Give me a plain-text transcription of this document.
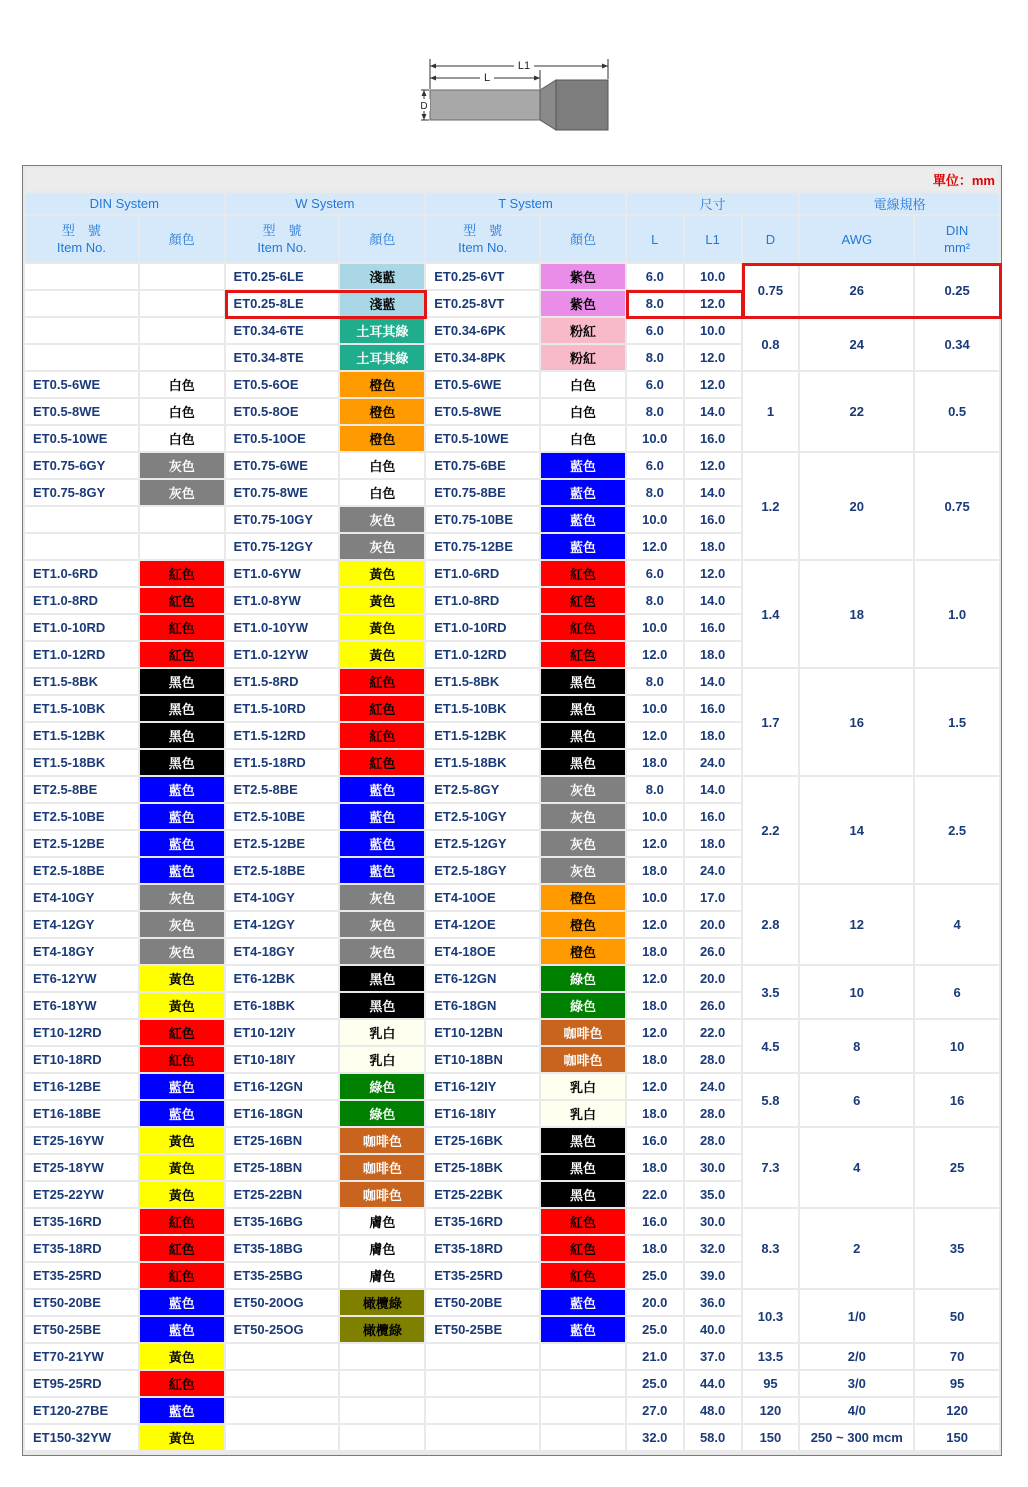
L1
L
D
單位：mm										
DIN System		W System		T System		尺寸			電線規格	
型　號
Item No.	顏色	型　號
Item No.	顏色	型　號
Item No.	顏色	L	L1	D	AWG	DIN
mm²
		ET0.25-6LE	淺藍	ET0.25-6VT	紫色	6.0	10.0	0.75	26	0.25
		ET0.25-8LE	淺藍	ET0.25-8VT	紫色	8.0	12.0			
		ET0.34-6TE	土耳其綠	ET0.34-6PK	粉紅	6.0	10.0	0.8	24	0.34
		ET0.34-8TE	土耳其綠	ET0.34-8PK	粉紅	8.0	12.0			
ET0.5-6WE	白色	ET0.5-6OE	橙色	ET0.5-6WE	白色	6.0	12.0	1	22	0.5
ET0.5-8WE	白色	ET0.5-8OE	橙色	ET0.5-8WE	白色	8.0	14.0			
ET0.5-10WE	白色	ET0.5-10OE	橙色	ET0.5-10WE	白色	10.0	16.0			
ET0.75-6GY	灰色	ET0.75-6WE	白色	ET0.75-6BE	藍色	6.0	12.0	1.2	20	0.75
ET0.75-8GY	灰色	ET0.75-8WE	白色	ET0.75-8BE	藍色	8.0	14.0			
		ET0.75-10GY	灰色	ET0.75-10BE	藍色	10.0	16.0			
		ET0.75-12GY	灰色	ET0.75-12BE	藍色	12.0	18.0			
ET1.0-6RD	紅色	ET1.0-6YW	黃色	ET1.0-6RD	紅色	6.0	12.0	1.4	18	1.0
ET1.0-8RD	紅色	ET1.0-8YW	黃色	ET1.0-8RD	紅色	8.0	14.0			
ET1.0-10RD	紅色	ET1.0-10YW	黃色	ET1.0-10RD	紅色	10.0	16.0			
ET1.0-12RD	紅色	ET1.0-12YW	黃色	ET1.0-12RD	紅色	12.0	18.0			
ET1.5-8BK	黑色	ET1.5-8RD	紅色	ET1.5-8BK	黑色	8.0	14.0	1.7	16	1.5
ET1.5-10BK	黑色	ET1.5-10RD	紅色	ET1.5-10BK	黑色	10.0	16.0			
ET1.5-12BK	黑色	ET1.5-12RD	紅色	ET1.5-12BK	黑色	12.0	18.0			
ET1.5-18BK	黑色	ET1.5-18RD	紅色	ET1.5-18BK	黑色	18.0	24.0			
ET2.5-8BE	藍色	ET2.5-8BE	藍色	ET2.5-8GY	灰色	8.0	14.0	2.2	14	2.5
ET2.5-10BE	藍色	ET2.5-10BE	藍色	ET2.5-10GY	灰色	10.0	16.0			
ET2.5-12BE	藍色	ET2.5-12BE	藍色	ET2.5-12GY	灰色	12.0	18.0			
ET2.5-18BE	藍色	ET2.5-18BE	藍色	ET2.5-18GY	灰色	18.0	24.0			
ET4-10GY	灰色	ET4-10GY	灰色	ET4-10OE	橙色	10.0	17.0	2.8	12	4
ET4-12GY	灰色	ET4-12GY	灰色	ET4-12OE	橙色	12.0	20.0			
ET4-18GY	灰色	ET4-18GY	灰色	ET4-18OE	橙色	18.0	26.0			
ET6-12YW	黃色	ET6-12BK	黑色	ET6-12GN	綠色	12.0	20.0	3.5	10	6
ET6-18YW	黃色	ET6-18BK	黑色	ET6-18GN	綠色	18.0	26.0			
ET10-12RD	紅色	ET10-12IY	乳白	ET10-12BN	咖啡色	12.0	22.0	4.5	8	10
ET10-18RD	紅色	ET10-18IY	乳白	ET10-18BN	咖啡色	18.0	28.0			
ET16-12BE	藍色	ET16-12GN	綠色	ET16-12IY	乳白	12.0	24.0	5.8	6	16
ET16-18BE	藍色	ET16-18GN	綠色	ET16-18IY	乳白	18.0	28.0			
ET25-16YW	黃色	ET25-16BN	咖啡色	ET25-16BK	黑色	16.0	28.0	7.3	4	25
ET25-18YW	黃色	ET25-18BN	咖啡色	ET25-18BK	黑色	18.0	30.0			
ET25-22YW	黃色	ET25-22BN	咖啡色	ET25-22BK	黑色	22.0	35.0			
ET35-16RD	紅色	ET35-16BG	膚色	ET35-16RD	紅色	16.0	30.0	8.3	2	35
ET35-18RD	紅色	ET35-18BG	膚色	ET35-18RD	紅色	18.0	32.0			
ET35-25RD	紅色	ET35-25BG	膚色	ET35-25RD	紅色	25.0	39.0			
ET50-20BE	藍色	ET50-20OG	橄欖綠	ET50-20BE	藍色	20.0	36.0	10.3	1/0	50
ET50-25BE	藍色	ET50-25OG	橄欖綠	ET50-25BE	藍色	25.0	40.0			
ET70-21YW	黃色					21.0	37.0	13.5	2/0	70
ET95-25RD	紅色					25.0	44.0	95	3/0	95
ET120-27BE	藍色					27.0	48.0	120	4/0	120
ET150-32YW	黃色					32.0	58.0	150	250 ~ 300 mcm	150
